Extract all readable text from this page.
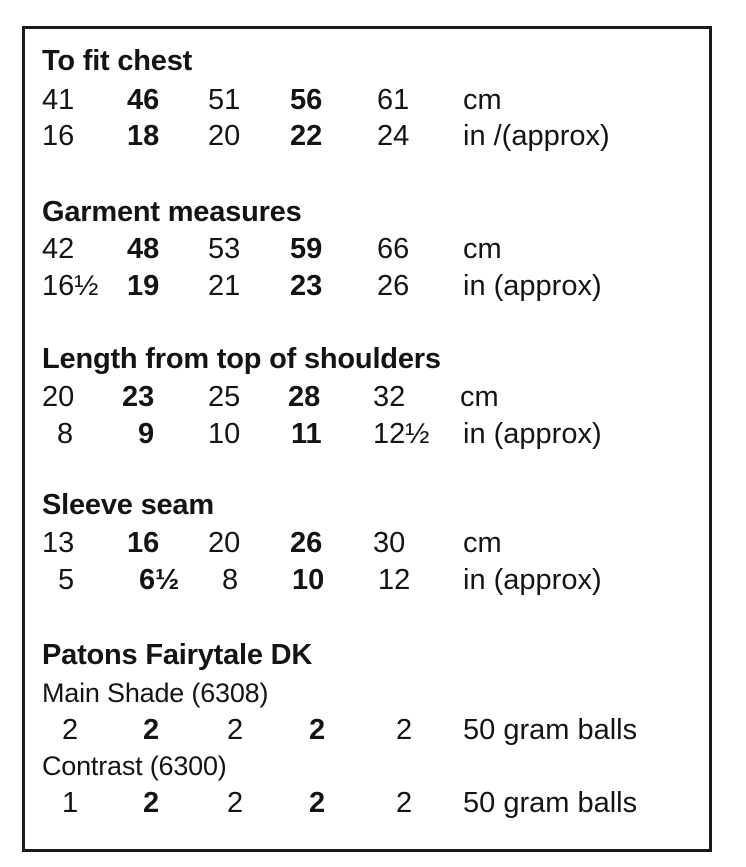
To fit chest
41 46 51 56 61 cm
16 18 20 22 24 in /(approx)
Garment measures
42 48 53 59 66 cm
16½ 19 21 23 26 in (approx)
Length from top of shoulders
20 23 25 28 32 cm
8 9 10 11 12½ in (approx)
Sleeve seam
13 16 20 26 30 cm
5 6½ 8 10 12 in (approx)
Patons Fairytale DK
Main Shade (6308)
2 2 2 2 2 50 gram balls
Contrast (6300)
1 2 2 2 2 50 gram balls
